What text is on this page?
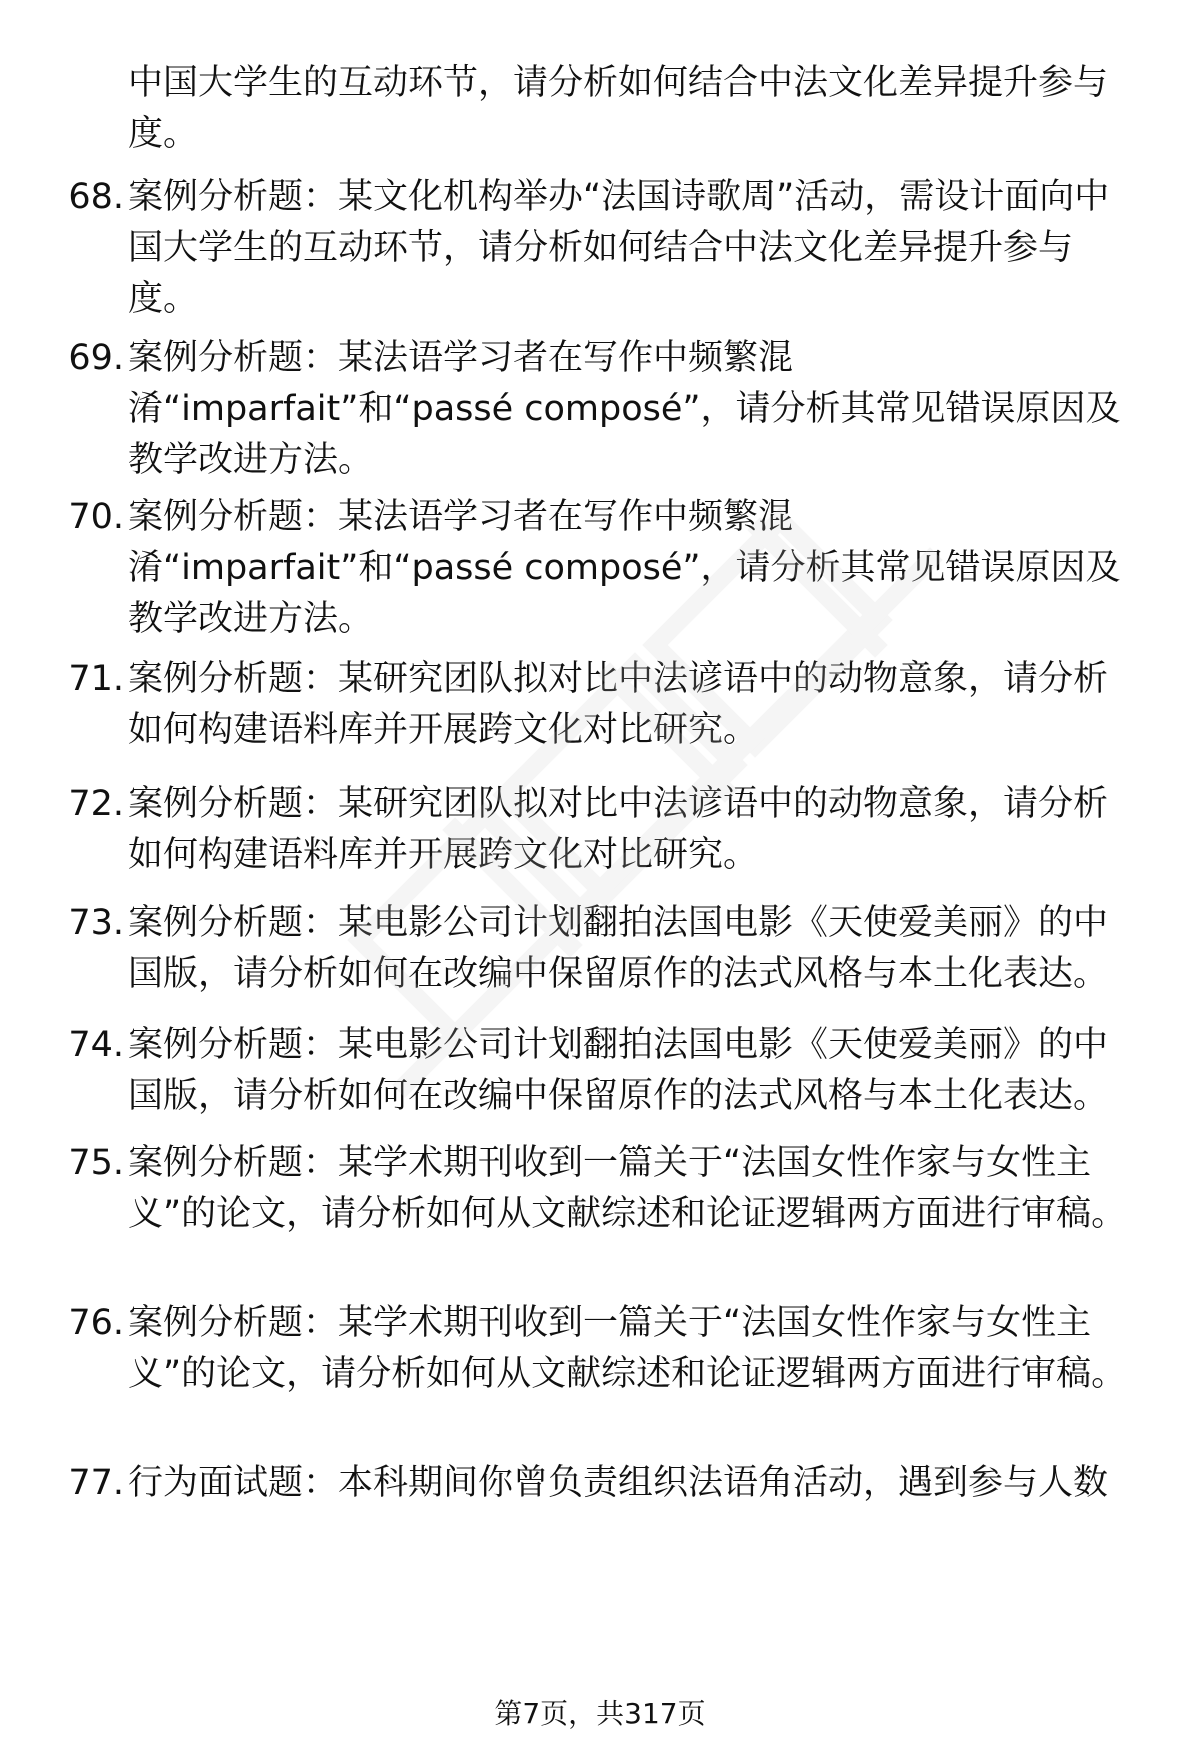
中国大学生的互动环节，请分析如何结合中法文化差异提升参与度。
68. 案例分析题：某文化机构举办“法国诗歌周”活动，需设计面向中国大学生的互动环节，请分析如何结合中法文化差异提升参与度。
69. 案例分析题：某法语学习者在写作中频繁混淆“imparfait”和“passé composé”，请分析其常见错误原因及教学改进方法。
70. 案例分析题：某法语学习者在写作中频繁混淆“imparfait”和“passé composé”，请分析其常见错误原因及教学改进方法。
71. 案例分析题：某研究团队拟对比中法谚语中的动物意象，请分析如何构建语料库并开展跨文化对比研究。
72. 案例分析题：某研究团队拟对比中法谚语中的动物意象，请分析如何构建语料库并开展跨文化对比研究。
73. 案例分析题：某电影公司计划翻拍法国电影《天使爱美丽》的中国版，请分析如何在改编中保留原作的法式风格与本土化表达。
74. 案例分析题：某电影公司计划翻拍法国电影《天使爱美丽》的中国版，请分析如何在改编中保留原作的法式风格与本土化表达。
75. 案例分析题：某学术期刊收到一篇关于“法国女性作家与女性主义”的论文，请分析如何从文献综述和论证逻辑两方面进行审稿。
76. 案例分析题：某学术期刊收到一篇关于“法国女性作家与女性主义”的论文，请分析如何从文献综述和论证逻辑两方面进行审稿。
77. 行为面试题：本科期间你曾负责组织法语角活动，遇到参与人数
第7页，共317页
